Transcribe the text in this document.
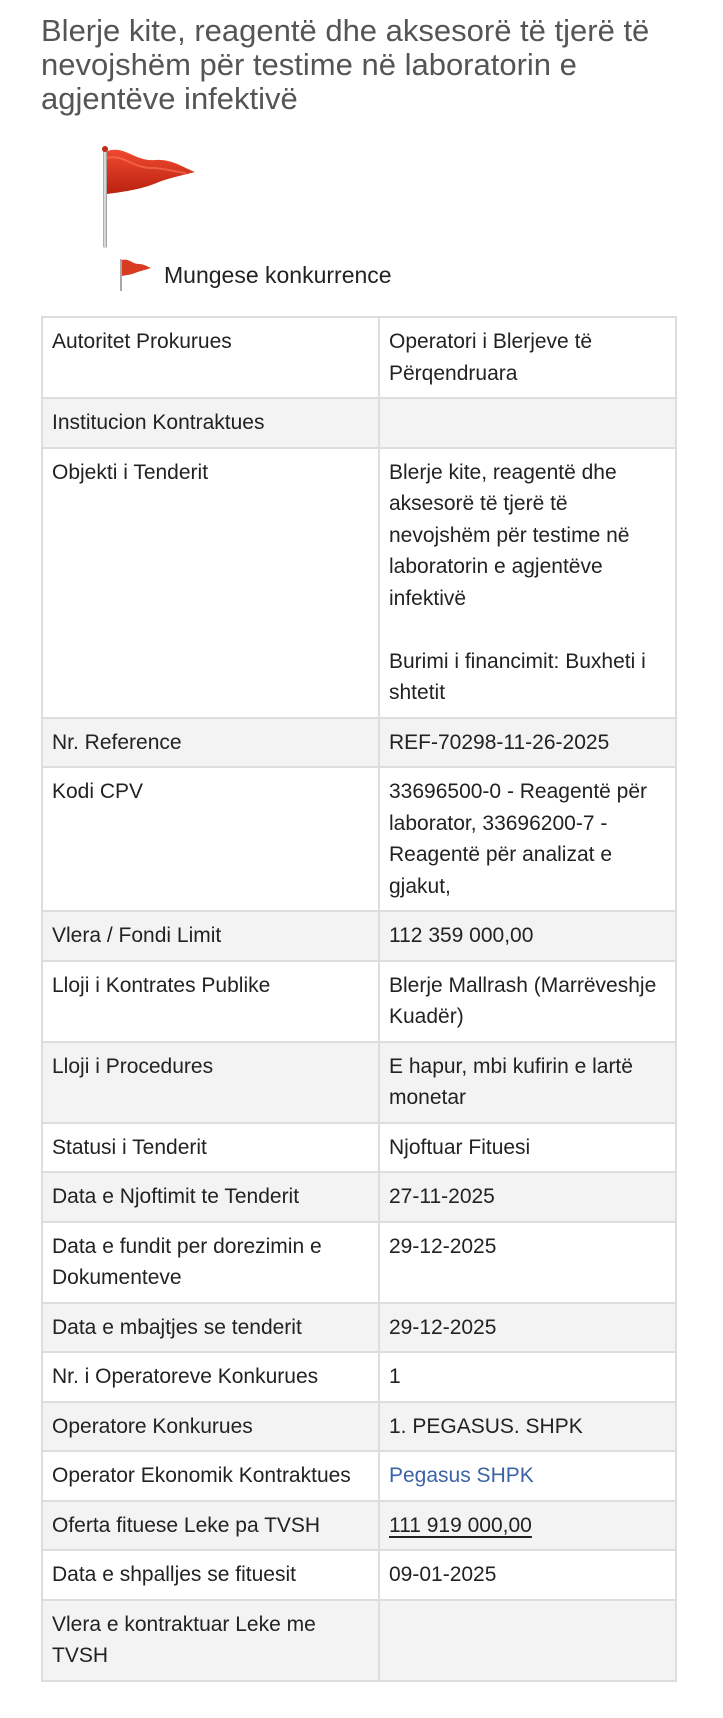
Blerje kite, reagentë dhe aksesorë të tjerë të nevojshëm për testime në laboratorin e agjentëve infektivë
Mungese konkurrence
Autoritet Prokurues	Operatori i Blerjeve të Përqendruara
Institucion Kontraktues	
Objekti i Tenderit	Blerje kite, reagentë dhe aksesorë të tjerë të nevojshëm për testime në laboratorin e agjentëve infektivë
Burimi i financimit: Buxheti i shtetit

Nr. Reference	REF-70298-11-26-2025
Kodi CPV	33696500-0 - Reagentë për laborator, 33696200-7 - Reagentë për analizat e gjakut,
Vlera / Fondi Limit	112 359 000,00
Lloji i Kontrates Publike	Blerje Mallrash (Marrëveshje Kuadër)
Lloji i Procedures	E hapur, mbi kufirin e lartë monetar
Statusi i Tenderit	Njoftuar Fituesi
Data e Njoftimit te Tenderit	27-11-2025
Data e fundit per dorezimin e Dokumenteve	29-12-2025
Data e mbajtjes se tenderit	29-12-2025
Nr. i Operatoreve Konkurues	1
Operatore Konkurues	1. PEGASUS. SHPK
Operator Ekonomik Kontraktues	Pegasus SHPK
Oferta fituese Leke pa TVSH	111 919 000,00
Data e shpalljes se fituesit	09-01-2025
Vlera e kontraktuar Leke me TVSH	
